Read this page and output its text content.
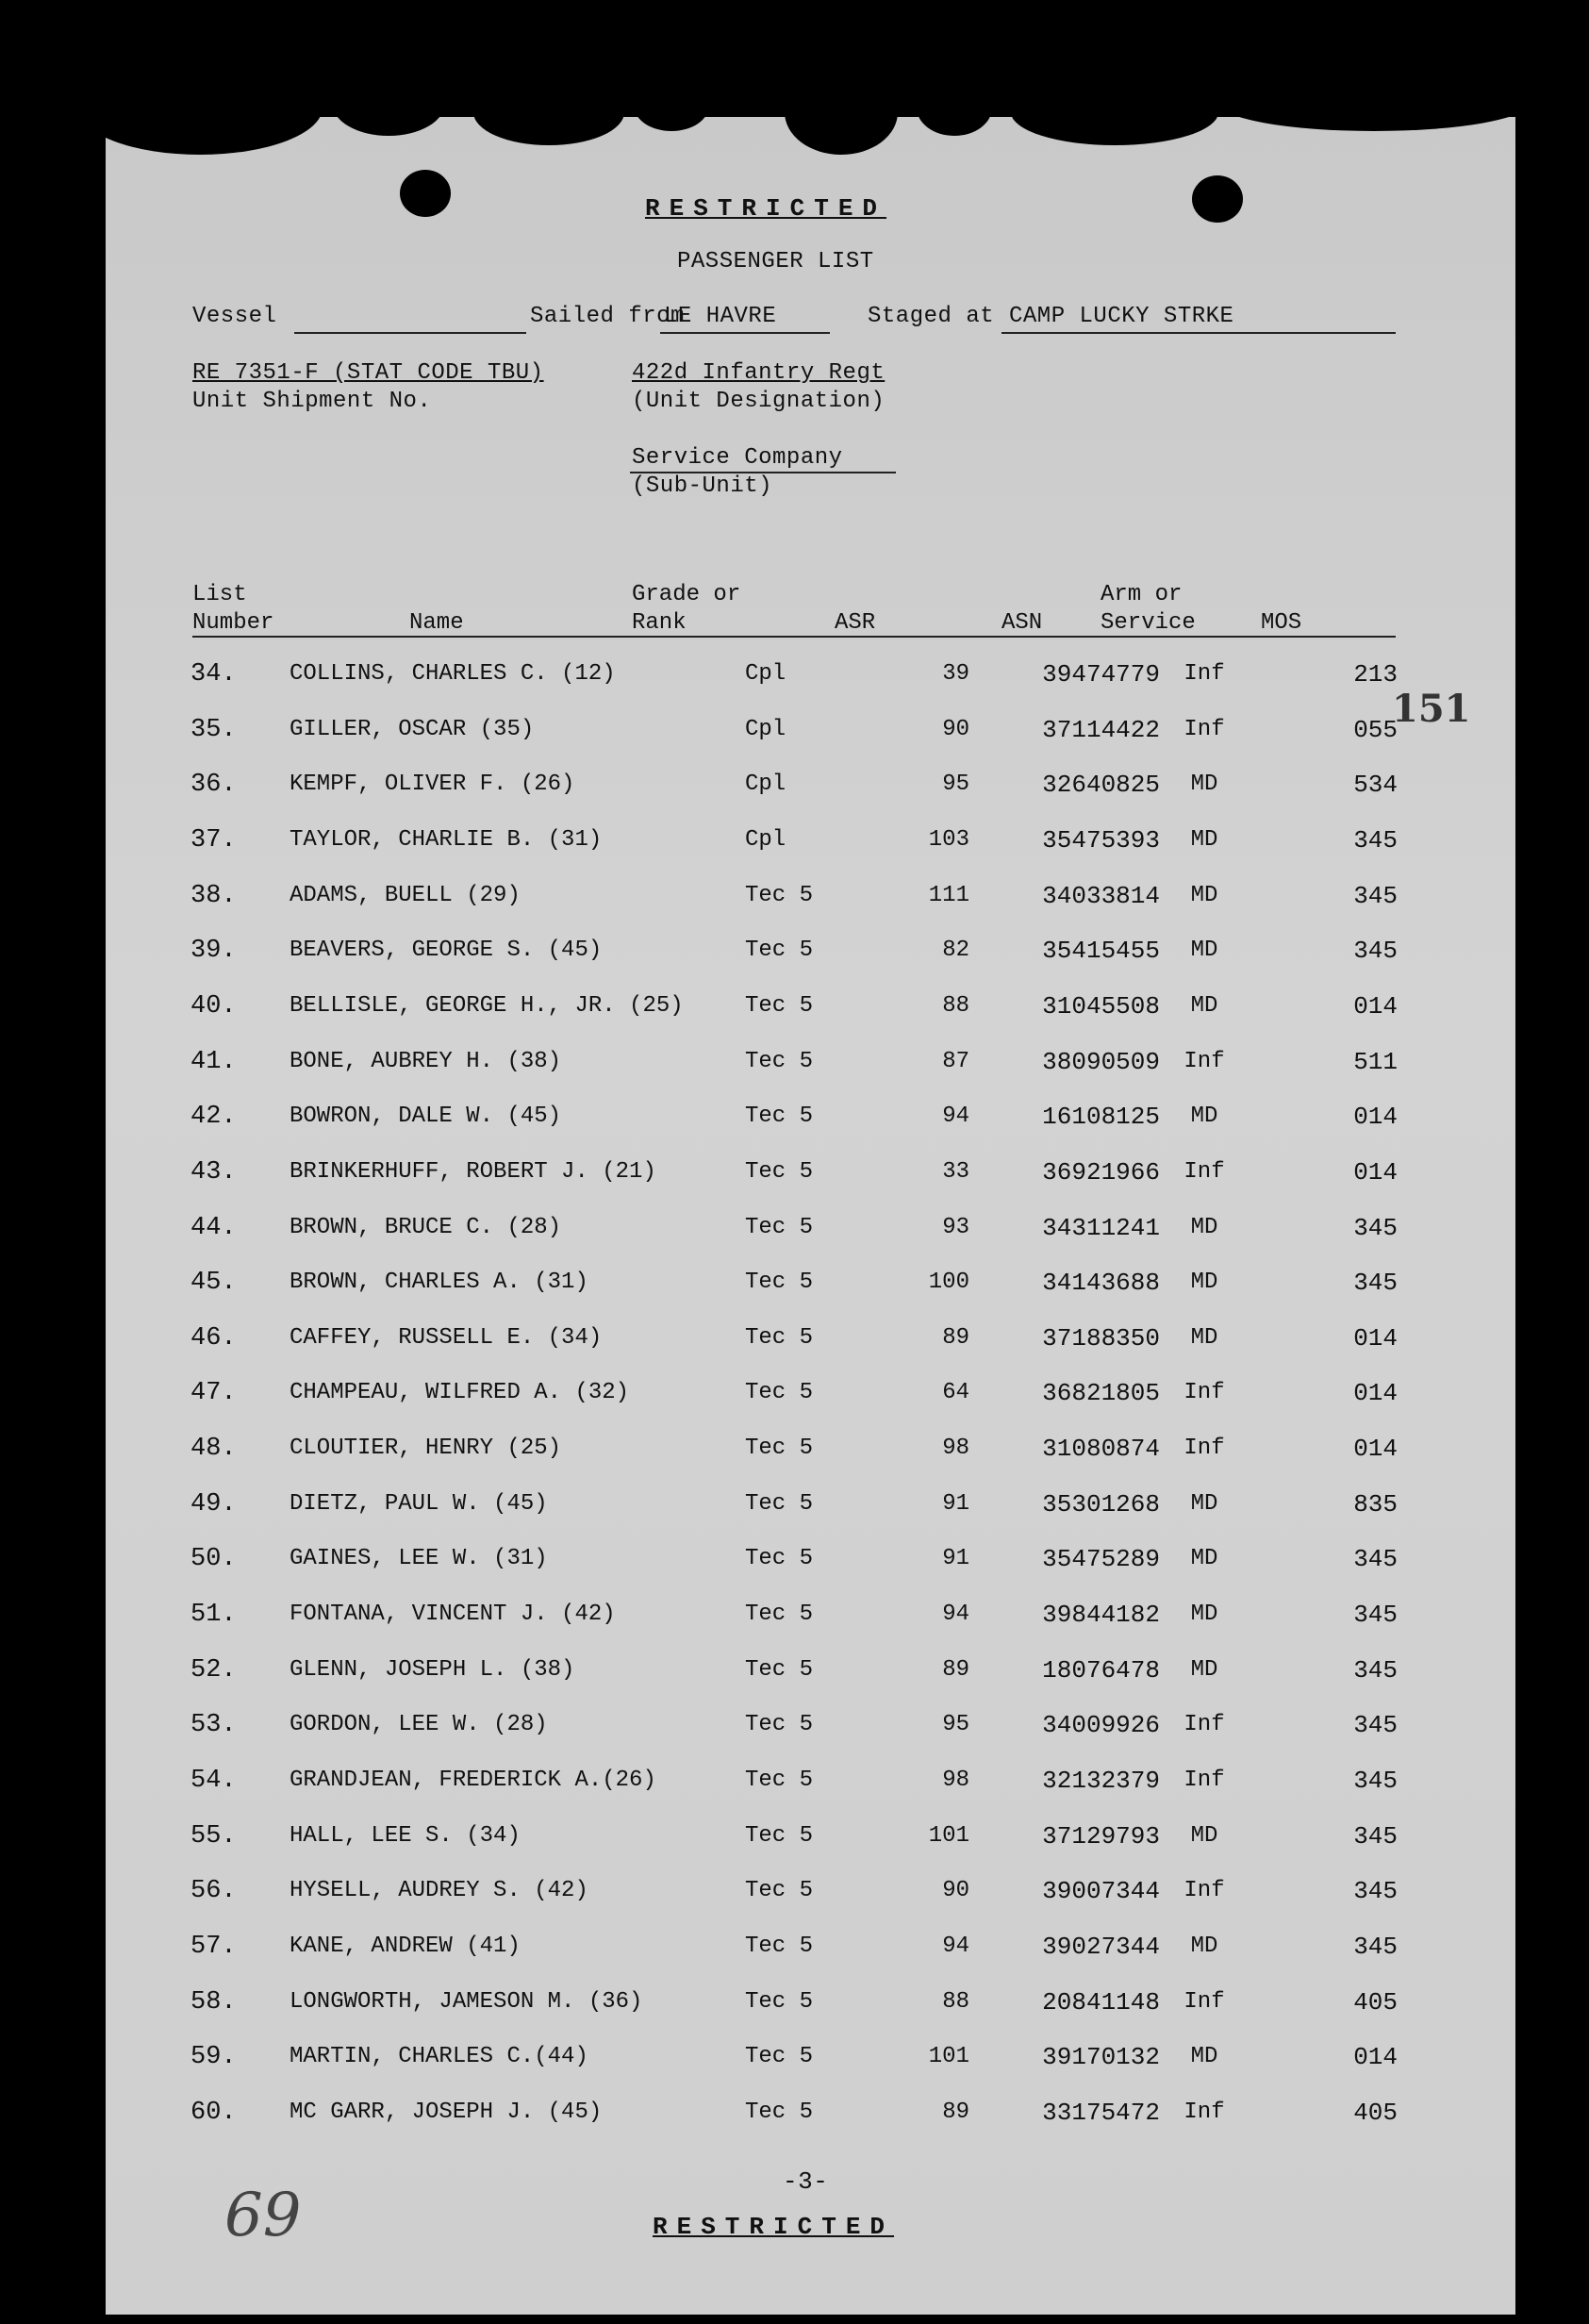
RESTRICTED
PASSENGER LIST
Vessel	Sailed from
LE HAVRE	Staged at CAMP LUCKY STRKE
RE 7351-F (STAT CODE TBU)
Unit Shipment No.
422d Infantry Regt
(Unit Designation)
Service Company
(Sub-Unit)
List
Number	Name
Grade or
Rank	ASR	ASN
Arm or
Service	MOS
34. COLLINS, CHARLES C. (12)	Cpl	39	39474779	Inf	213
35. GILLER, OSCAR (35)	Cpl	90	37114422	Inf	055
36. KEMPF, OLIVER F. (26)	Cpl	95	32640825	MD	534
37. TAYLOR, CHARLIE B. (31)	Cpl	103	35475393	MD	345
38. ADAMS, BUELL (29)	Tec 5	111	34033814	MD	345
39. BEAVERS, GEORGE S. (45)	Tec 5	82	35415455	MD	345
40. BELLISLE, GEORGE H., JR. (25)	Tec 5	88	31045508	MD	014
41. BONE, AUBREY H. (38)	Tec 5	87	38090509	Inf	511
42. BOWRON, DALE W. (45)	Tec 5	94	16108125	MD	014
43. BRINKERHUFF, ROBERT J. (21)	Tec 5	33	36921966	Inf	014
44. BROWN, BRUCE C. (28)	Tec 5	93	34311241	MD	345
45. BROWN, CHARLES A. (31)	Tec 5	100	34143688	MD	345
46. CAFFEY, RUSSELL E. (34)	Tec 5	89	37188350	MD	014
47. CHAMPEAU, WILFRED A. (32)	Tec 5	64	36821805	Inf	014
48. CLOUTIER, HENRY (25)	Tec 5	98	31080874	Inf	014
49. DIETZ, PAUL W. (45)	Tec 5	91	35301268	MD	835
50. GAINES, LEE W. (31)	Tec 5	91	35475289	MD	345
51. FONTANA, VINCENT J. (42)	Tec 5	94	39844182	MD	345
52. GLENN, JOSEPH L. (38)	Tec 5	89	18076478	MD	345
53. GORDON, LEE W. (28)	Tec 5	95	34009926	Inf	345
54. GRANDJEAN, FREDERICK A.(26)	Tec 5	98	32132379	Inf	345
55. HALL, LEE S. (34)	Tec 5	101	37129793	MD	345
56. HYSELL, AUDREY S. (42)	Tec 5	90	39007344	Inf	345
57. KANE, ANDREW (41)	Tec 5	94	39027344	MD	345
58. LONGWORTH, JAMESON M. (36)	Tec 5	88	20841148	Inf	405
59. MARTIN, CHARLES C.(44)	Tec 5	101	39170132	MD	014
60. MC GARR, JOSEPH J. (45)	Tec 5	89	33175472	Inf	405
-3-
RESTRICTED
151
69
